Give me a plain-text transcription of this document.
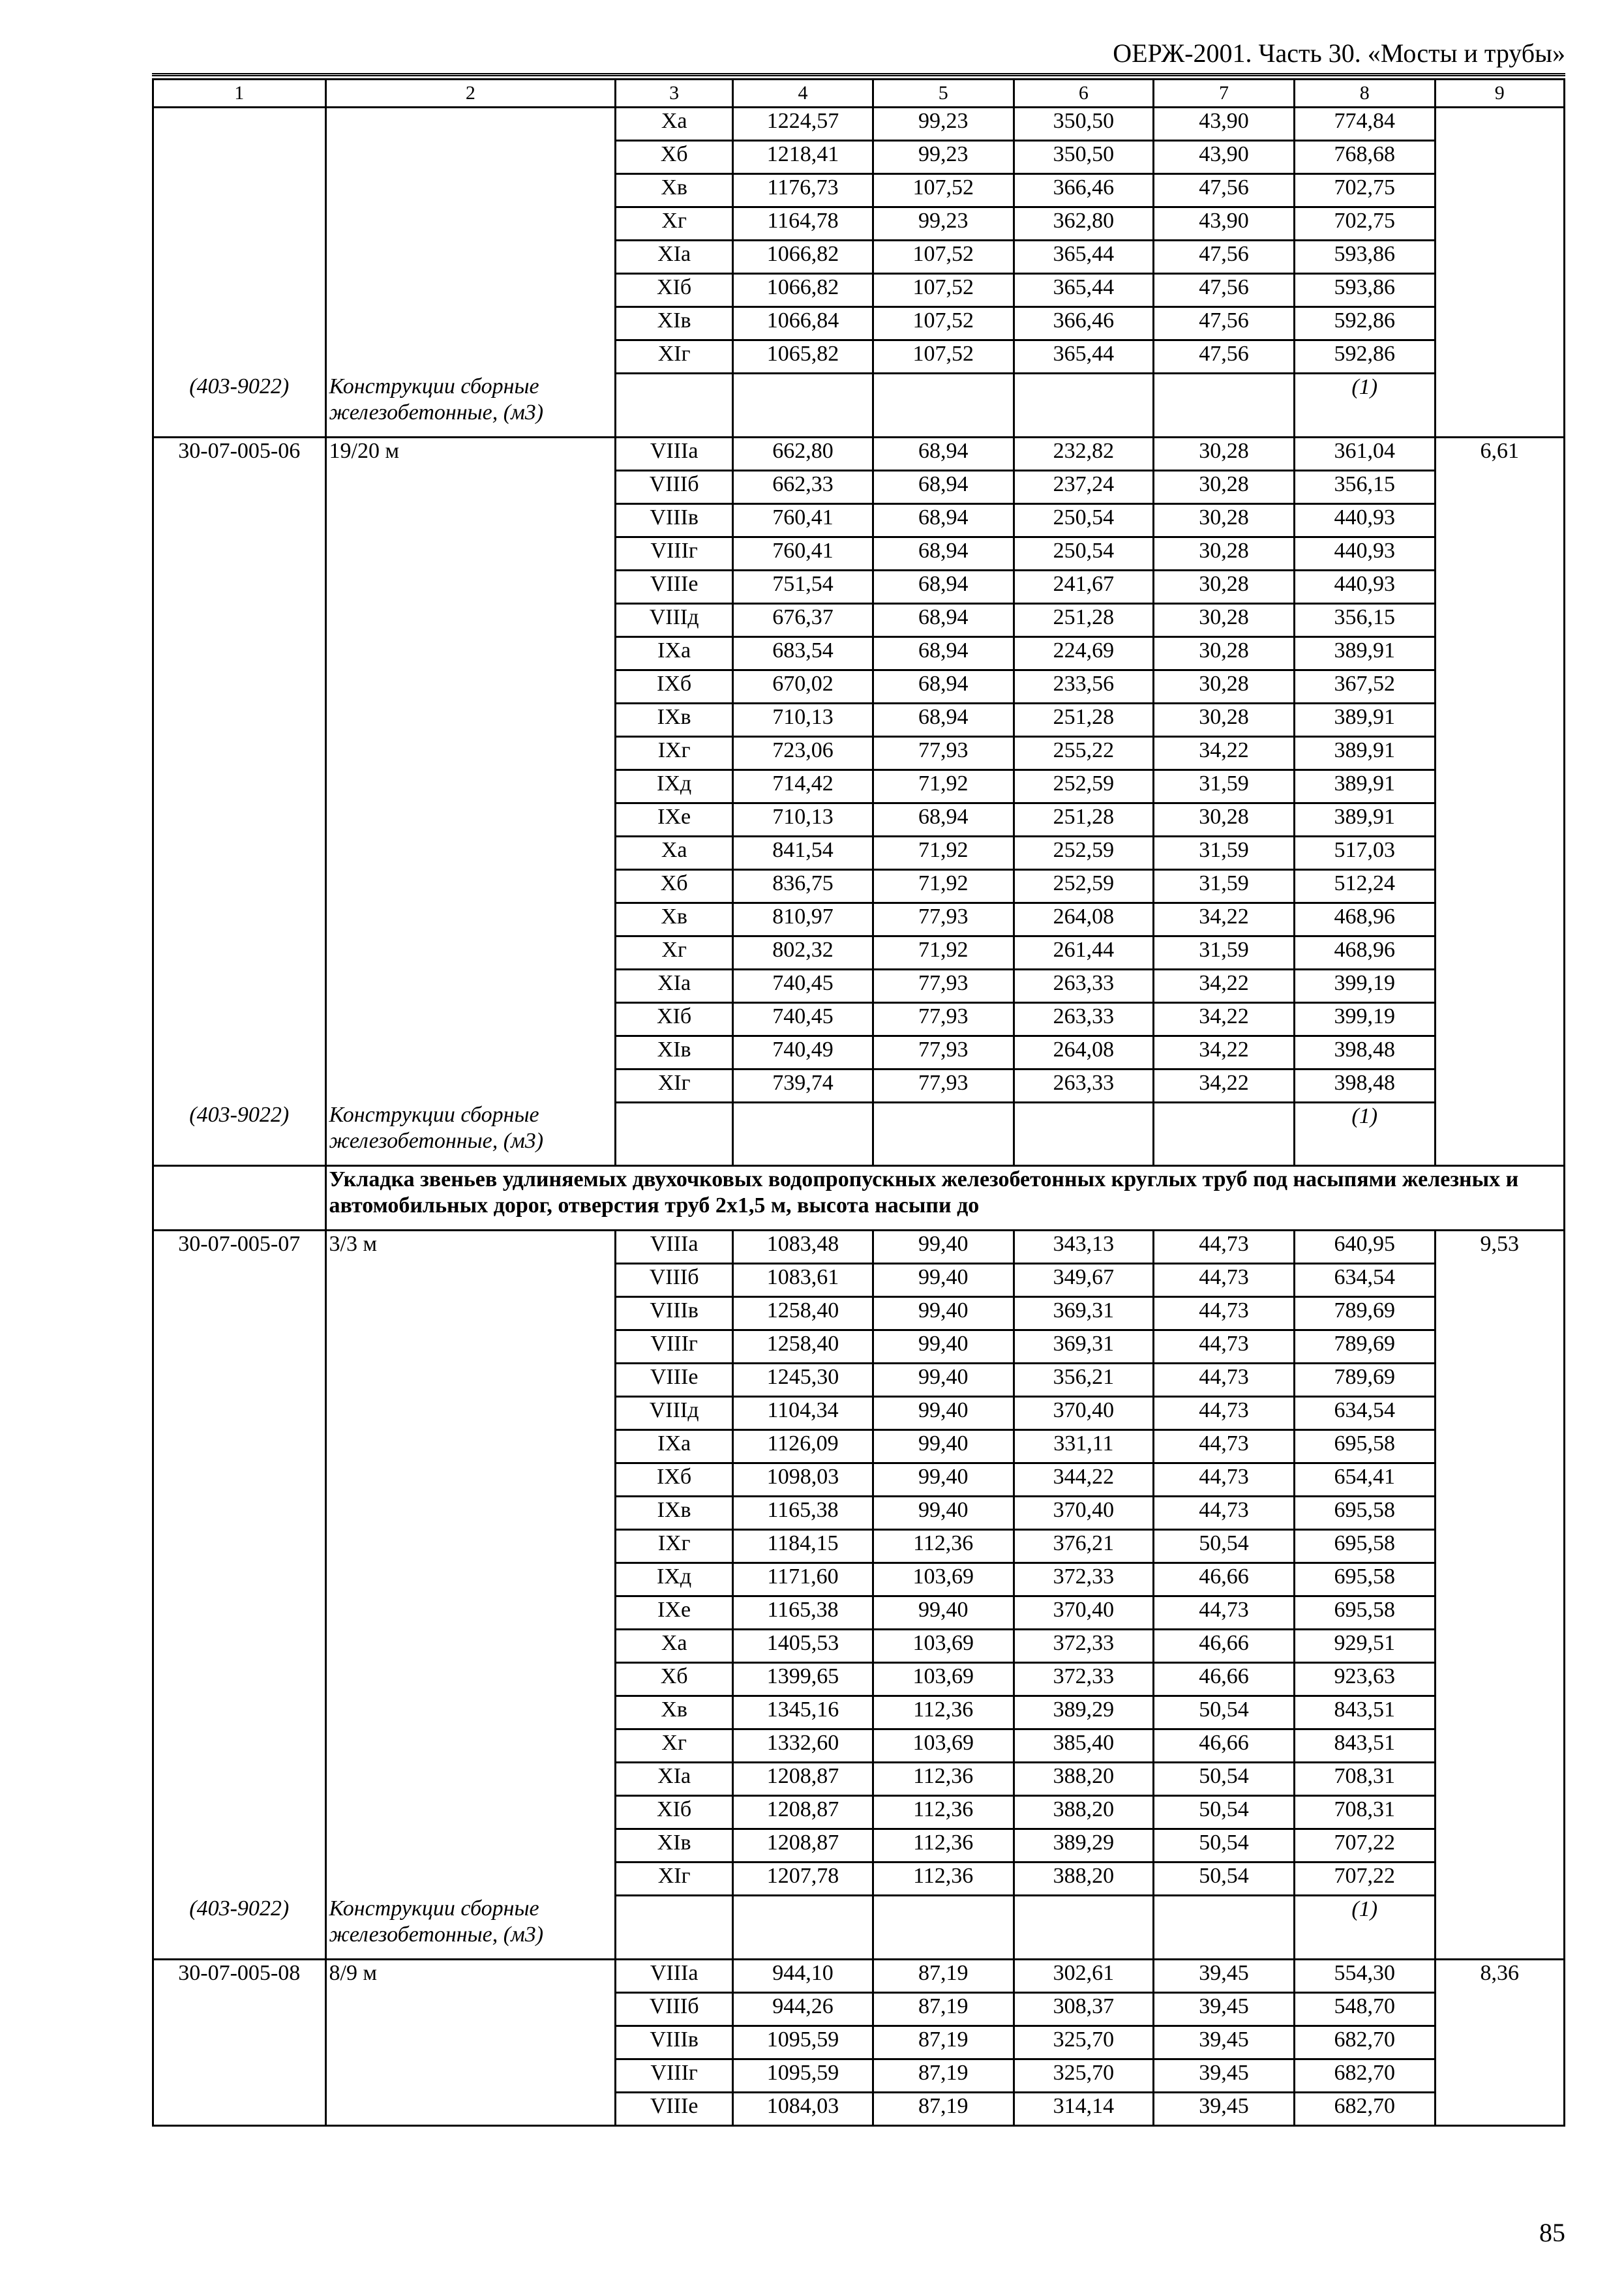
ОЕРЖ-2001. Часть 30. «Мосты и трубы»
1	2	3	4	5	6	7	8	9
		Ха	1224,57	99,23	350,50	43,90	774,84	
		Хб	1218,41	99,23	350,50	43,90	768,68	
		Хв	1176,73	107,52	366,46	47,56	702,75	
		Хг	1164,78	99,23	362,80	43,90	702,75	
		ХIа	1066,82	107,52	365,44	47,56	593,86	
		ХIб	1066,82	107,52	365,44	47,56	593,86	
		ХIв	1066,84	107,52	366,46	47,56	592,86	
		ХIг	1065,82	107,52	365,44	47,56	592,86	
(403-9022)	Конструкции сборные железобетонные, (м3)						(1)	
30-07-005-06	19/20 м	VIIIа	662,80	68,94	232,82	30,28	361,04	6,61
		VIIIб	662,33	68,94	237,24	30,28	356,15	
		VIIIв	760,41	68,94	250,54	30,28	440,93	
		VIIIг	760,41	68,94	250,54	30,28	440,93	
		VIIIе	751,54	68,94	241,67	30,28	440,93	
		VIIIд	676,37	68,94	251,28	30,28	356,15	
		IХа	683,54	68,94	224,69	30,28	389,91	
		IХб	670,02	68,94	233,56	30,28	367,52	
		IХв	710,13	68,94	251,28	30,28	389,91	
		IХг	723,06	77,93	255,22	34,22	389,91	
		IХд	714,42	71,92	252,59	31,59	389,91	
		IХе	710,13	68,94	251,28	30,28	389,91	
		Ха	841,54	71,92	252,59	31,59	517,03	
		Хб	836,75	71,92	252,59	31,59	512,24	
		Хв	810,97	77,93	264,08	34,22	468,96	
		Хг	802,32	71,92	261,44	31,59	468,96	
		ХIа	740,45	77,93	263,33	34,22	399,19	
		ХIб	740,45	77,93	263,33	34,22	399,19	
		ХIв	740,49	77,93	264,08	34,22	398,48	
		ХIг	739,74	77,93	263,33	34,22	398,48	
(403-9022)	Конструкции сборные железобетонные, (м3)						(1)	
	Укладка звеньев удлиняемых двухочковых водопропускных железобетонных круглых труб под насыпями железных и автомобильных дорог, отверстия труб 2х1,5 м, высота насыпи до							
30-07-005-07	3/3 м	VIIIа	1083,48	99,40	343,13	44,73	640,95	9,53
		VIIIб	1083,61	99,40	349,67	44,73	634,54	
		VIIIв	1258,40	99,40	369,31	44,73	789,69	
		VIIIг	1258,40	99,40	369,31	44,73	789,69	
		VIIIе	1245,30	99,40	356,21	44,73	789,69	
		VIIIд	1104,34	99,40	370,40	44,73	634,54	
		IХа	1126,09	99,40	331,11	44,73	695,58	
		IХб	1098,03	99,40	344,22	44,73	654,41	
		IХв	1165,38	99,40	370,40	44,73	695,58	
		IХг	1184,15	112,36	376,21	50,54	695,58	
		IХд	1171,60	103,69	372,33	46,66	695,58	
		IХе	1165,38	99,40	370,40	44,73	695,58	
		Ха	1405,53	103,69	372,33	46,66	929,51	
		Хб	1399,65	103,69	372,33	46,66	923,63	
		Хв	1345,16	112,36	389,29	50,54	843,51	
		Хг	1332,60	103,69	385,40	46,66	843,51	
		ХIа	1208,87	112,36	388,20	50,54	708,31	
		ХIб	1208,87	112,36	388,20	50,54	708,31	
		ХIв	1208,87	112,36	389,29	50,54	707,22	
		ХIг	1207,78	112,36	388,20	50,54	707,22	
(403-9022)	Конструкции сборные железобетонные, (м3)						(1)	
30-07-005-08	8/9 м	VIIIа	944,10	87,19	302,61	39,45	554,30	8,36
		VIIIб	944,26	87,19	308,37	39,45	548,70	
		VIIIв	1095,59	87,19	325,70	39,45	682,70	
		VIIIг	1095,59	87,19	325,70	39,45	682,70	
		VIIIе	1084,03	87,19	314,14	39,45	682,70	
85
